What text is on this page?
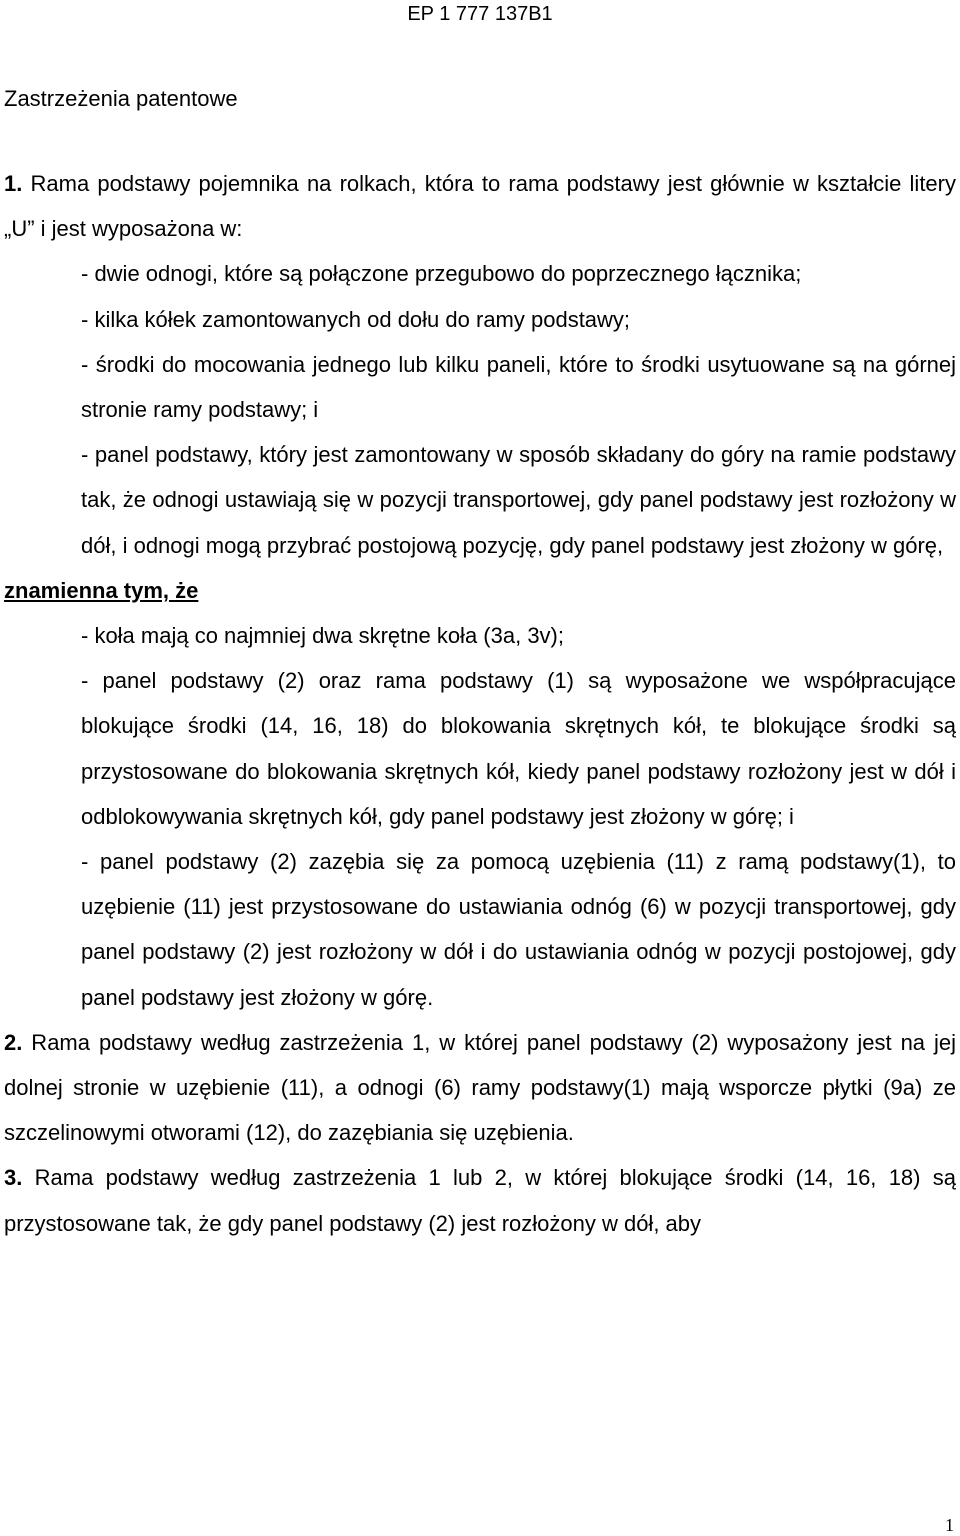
EP 1 777 137B1
Zastrzeżenia patentowe

1. Rama podstawy pojemnika na rolkach, która to rama podstawy jest głównie w kształcie litery „U” i jest wyposażona w:

- dwie odnogi, które są połączone przegubowo do poprzecznego łącznika;

- kilka kółek zamontowanych od dołu do ramy podstawy;

- środki do mocowania jednego lub kilku paneli, które to środki usytuowane są na górnej stronie ramy podstawy; i

- panel podstawy, który jest zamontowany w sposób składany do góry na ramie podstawy tak, że odnogi ustawiają się w pozycji transportowej, gdy panel podstawy jest rozłożony w dół, i odnogi mogą przybrać postojową pozycję, gdy panel podstawy jest złożony w górę,

znamienna tym, że

- koła mają co najmniej dwa skrętne koła (3a, 3v);

- panel podstawy (2) oraz rama podstawy (1) są wyposażone we współpracujące blokujące środki (14, 16, 18) do blokowania skrętnych kół, te blokujące środki są przystosowane do blokowania skrętnych kół, kiedy panel podstawy rozłożony jest w dół i odblokowywania skrętnych kół, gdy panel podstawy jest złożony w górę; i

- panel podstawy (2) zazębia się za pomocą uzębienia (11) z ramą podstawy(1), to uzębienie (11) jest przystosowane do ustawiania odnóg (6) w pozycji transportowej, gdy panel podstawy (2) jest rozłożony w dół i do ustawiania odnóg w pozycji postojowej, gdy panel podstawy jest złożony w górę.

2. Rama podstawy według zastrzeżenia 1, w której panel podstawy (2) wyposażony jest na jej dolnej stronie w uzębienie (11), a odnogi (6) ramy podstawy(1) mają wsporcze płytki (9a) ze szczelinowymi otworami (12), do zazębiania się uzębienia.

3. Rama podstawy według zastrzeżenia 1 lub 2, w której blokujące środki (14, 16, 18) są przystosowane tak, że gdy panel podstawy (2) jest rozłożony w dół, aby

1
